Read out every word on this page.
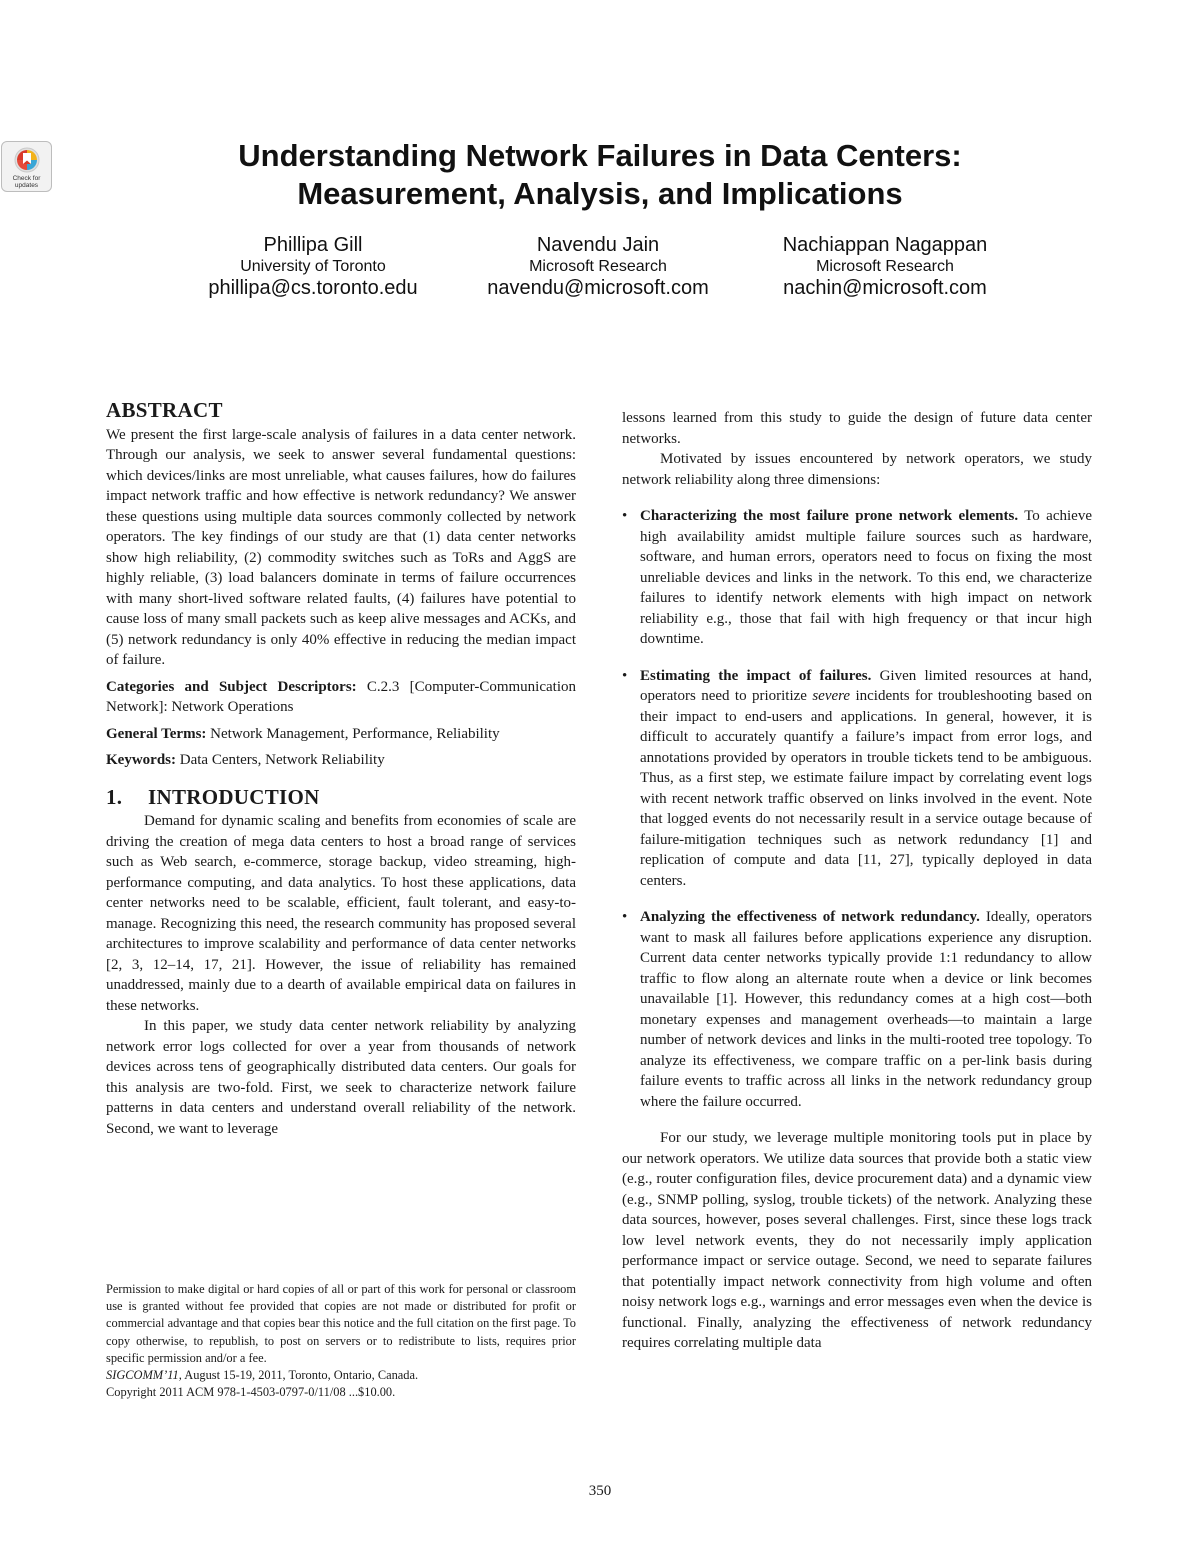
Check for updates
Understanding Network Failures in Data Centers:
Measurement, Analysis, and Implications
Phillipa Gill
University of Toronto
phillipa@cs.toronto.edu
Navendu Jain
Microsoft Research
navendu@microsoft.com
Nachiappan Nagappan
Microsoft Research
nachin@microsoft.com
ABSTRACT

We present the first large-scale analysis of failures in a data center network. Through our analysis, we seek to answer several fundamental questions: which devices/links are most unreliable, what causes failures, how do failures impact network traffic and how effective is network redundancy? We answer these questions using multiple data sources commonly collected by network operators. The key findings of our study are that (1) data center networks show high reliability, (2) commodity switches such as ToRs and AggS are highly reliable, (3) load balancers dominate in terms of failure occurrences with many short-lived software related faults, (4) failures have potential to cause loss of many small packets such as keep alive messages and ACKs, and (5) network redundancy is only 40% effective in reducing the median impact of failure.

Categories and Subject Descriptors: C.2.3 [Computer-Communication Network]: Network Operations

General Terms: Network Management, Performance, Reliability

Keywords: Data Centers, Network Reliability

1. INTRODUCTION

Demand for dynamic scaling and benefits from economies of scale are driving the creation of mega data centers to host a broad range of services such as Web search, e-commerce, storage backup, video streaming, high-performance computing, and data analytics. To host these applications, data center networks need to be scalable, efficient, fault tolerant, and easy-to-manage. Recognizing this need, the research community has proposed several architectures to improve scalability and performance of data center networks [2, 3, 12–14, 17, 21]. However, the issue of reliability has remained unaddressed, mainly due to a dearth of available empirical data on failures in these networks.

In this paper, we study data center network reliability by analyzing network error logs collected for over a year from thousands of network devices across tens of geographically distributed data centers. Our goals for this analysis are two-fold. First, we seek to characterize network failure patterns in data centers and understand overall reliability of the network. Second, we want to leverage

Permission to make digital or hard copies of all or part of this work for personal or classroom use is granted without fee provided that copies are not made or distributed for profit or commercial advantage and that copies bear this notice and the full citation on the first page. To copy otherwise, to republish, to post on servers or to redistribute to lists, requires prior specific permission and/or a fee.
SIGCOMM’11, August 15-19, 2011, Toronto, Ontario, Canada.
Copyright 2011 ACM 978-1-4503-0797-0/11/08 ...$10.00.

lessons learned from this study to guide the design of future data center networks.

Motivated by issues encountered by network operators, we study network reliability along three dimensions:

• Characterizing the most failure prone network elements. To achieve high availability amidst multiple failure sources such as hardware, software, and human errors, operators need to focus on fixing the most unreliable devices and links in the network. To this end, we characterize failures to identify network elements with high impact on network reliability e.g., those that fail with high frequency or that incur high downtime.
• Estimating the impact of failures. Given limited resources at hand, operators need to prioritize severe incidents for troubleshooting based on their impact to end-users and applications. In general, however, it is difficult to accurately quantify a failure’s impact from error logs, and annotations provided by operators in trouble tickets tend to be ambiguous. Thus, as a first step, we estimate failure impact by correlating event logs with recent network traffic observed on links involved in the event. Note that logged events do not necessarily result in a service outage because of failure-mitigation techniques such as network redundancy [1] and replication of compute and data [11, 27], typically deployed in data centers.
• Analyzing the effectiveness of network redundancy. Ideally, operators want to mask all failures before applications experience any disruption. Current data center networks typically provide 1:1 redundancy to allow traffic to flow along an alternate route when a device or link becomes unavailable [1]. However, this redundancy comes at a high cost—both monetary expenses and management overheads—to maintain a large number of network devices and links in the multi-rooted tree topology. To analyze its effectiveness, we compare traffic on a per-link basis during failure events to traffic across all links in the network redundancy group where the failure occurred.

For our study, we leverage multiple monitoring tools put in place by our network operators. We utilize data sources that provide both a static view (e.g., router configuration files, device procurement data) and a dynamic view (e.g., SNMP polling, syslog, trouble tickets) of the network. Analyzing these data sources, however, poses several challenges. First, since these logs track low level network events, they do not necessarily imply application performance impact or service outage. Second, we need to separate failures that potentially impact network connectivity from high volume and often noisy network logs e.g., warnings and error messages even when the device is functional. Finally, analyzing the effectiveness of network redundancy requires correlating multiple data

350
